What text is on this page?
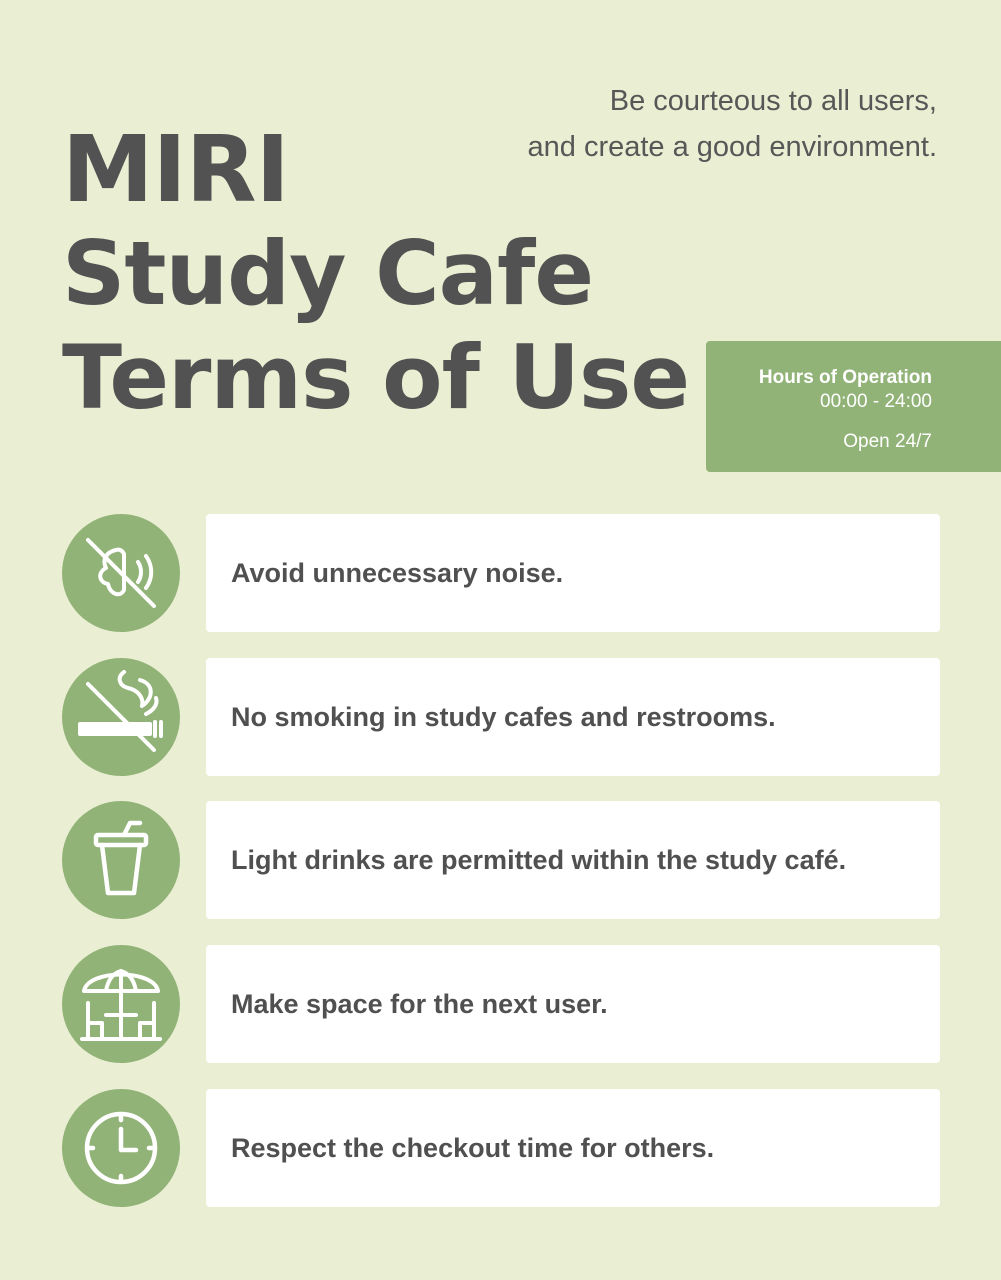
Be courteous to all users,
and create a good environment.
MIRI
Study Cafe
Terms of Use	Hours of Operation
00:00 - 24:00
Open 24/7
Avoid unnecessary noise.
No smoking in study cafes and restrooms.
Light drinks are permitted within the study café.
Make space for the next user.
Respect the checkout time for others.
